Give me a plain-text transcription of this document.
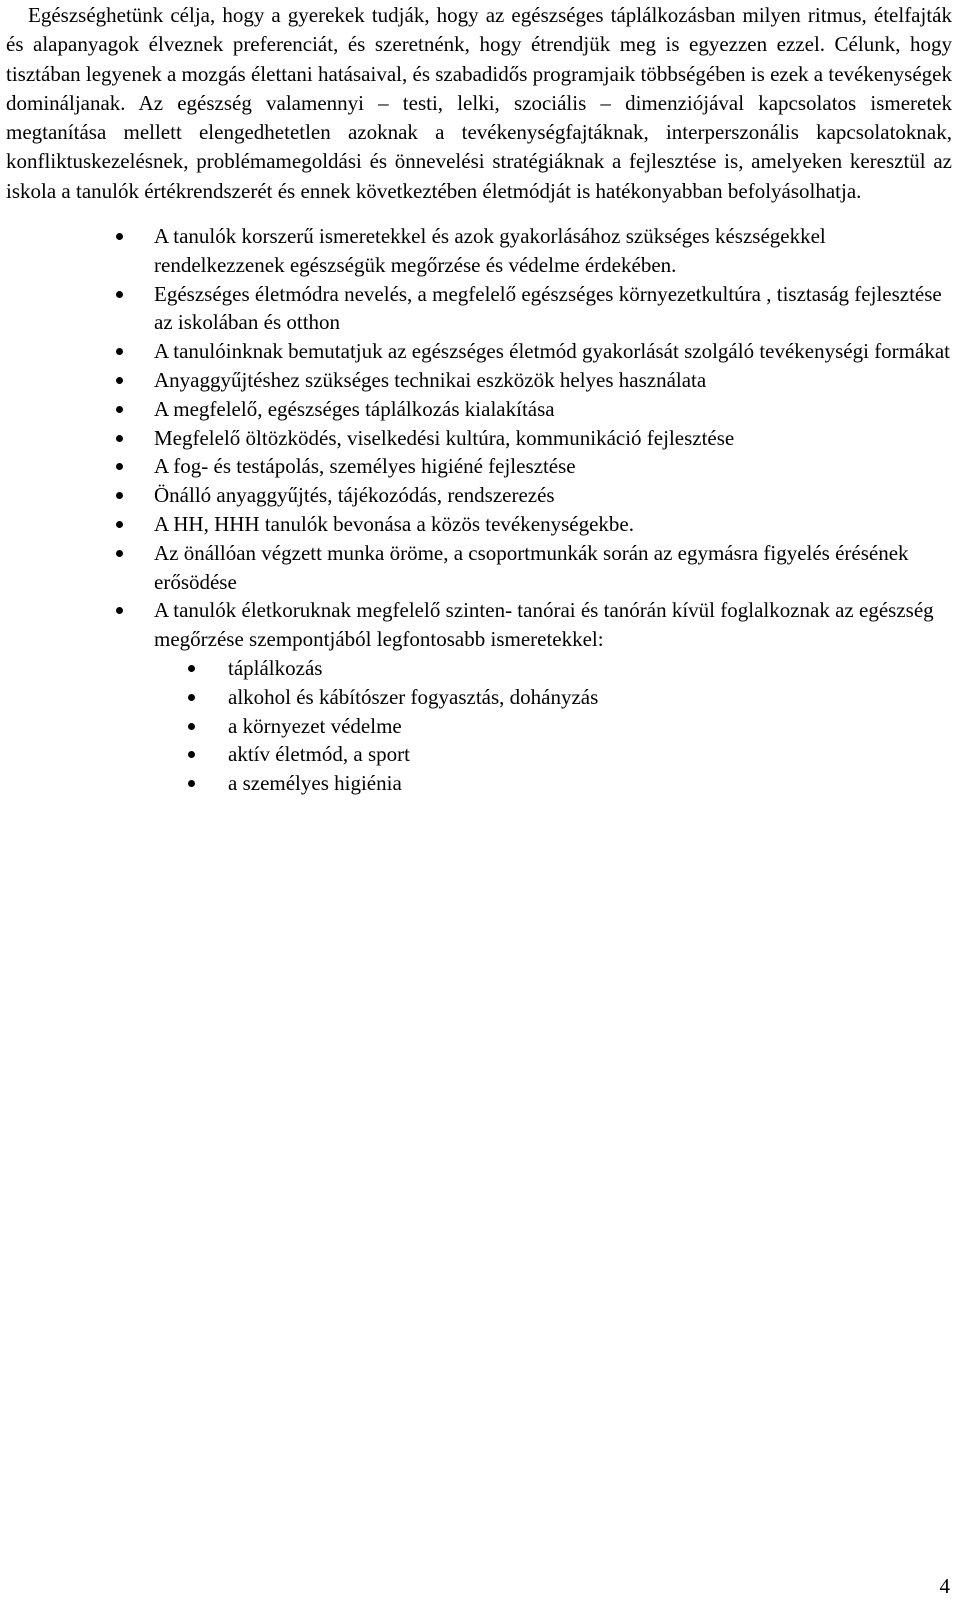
Egészséghetünk célja, hogy a gyerekek tudják, hogy az egészséges táplálkozásban milyen ritmus, ételfajták és alapanyagok élveznek preferenciát, és szeretnénk, hogy étrendjük meg is egyezzen ezzel. Célunk, hogy tisztában legyenek a mozgás élettani hatásaival, és szabadidős programjaik többségében is ezek a tevékenységek domináljanak. Az egészség valamennyi – testi, lelki, szociális – dimenziójával kapcsolatos ismeretek megtanítása mellett elengedhetetlen azoknak a tevékenységfajtáknak, interperszonális kapcsolatoknak, konfliktuskezelésnek, problémamegoldási és önnevelési stratégiáknak a fejlesztése is, amelyeken keresztül az iskola a tanulók értékrendszerét és ennek következtében életmódját is hatékonyabban befolyásolhatja.

A tanulók korszerű ismeretekkel és azok gyakorlásához szükséges készségekkel rendelkezzenek egészségük megőrzése és védelme érdekében.
Egészséges életmódra nevelés, a megfelelő egészséges környezetkultúra , tisztaság fejlesztése az iskolában és otthon
A tanulóinknak bemutatjuk az egészséges életmód gyakorlását szolgáló tevékenységi formákat
Anyaggyűjtéshez szükséges technikai eszközök helyes használata
A megfelelő, egészséges táplálkozás kialakítása
Megfelelő öltözködés, viselkedési kultúra, kommunikáció fejlesztése
A fog- és testápolás, személyes higiéné fejlesztése
Önálló anyaggyűjtés, tájékozódás, rendszerezés
A HH, HHH tanulók bevonása a közös tevékenységekbe.
Az önállóan végzett munka öröme, a csoportmunkák során az egymásra figyelés érésének erősödése
A tanulók életkoruknak megfelelő szinten- tanórai és tanórán kívül foglalkoznak az egészség megőrzése szempontjából legfontosabb ismeretekkel:
táplálkozás
alkohol és kábítószer fogyasztás, dohányzás
a környezet védelme
aktív életmód, a sport
a személyes higiénia
4
